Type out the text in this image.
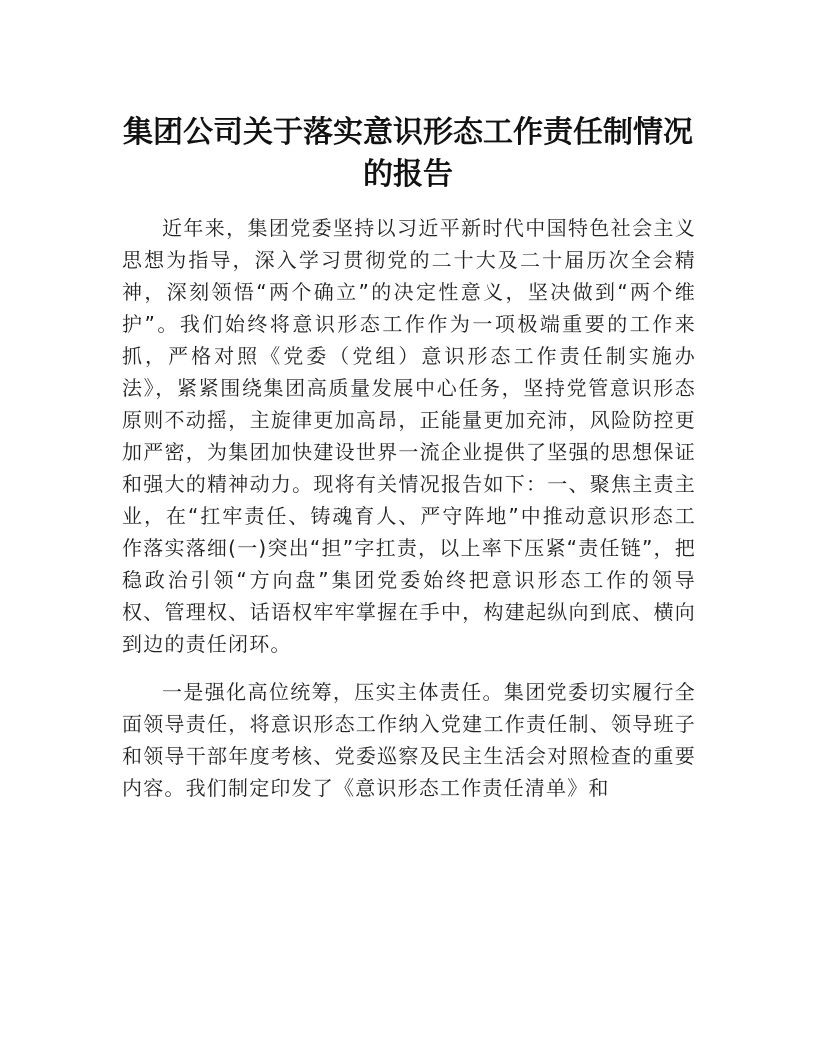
集团公司关于落实意识形态工作责任制情况
的报告

近年来，集团党委坚持以习近平新时代中国特色社会主义思想为指导，深入学习贯彻党的二十大及二十届历次全会精神，深刻领悟“两个确立”的决定性意义，坚决做到“两个维护”。我们始终将意识形态工作作为一项极端重要的工作来抓，严格对照《党委（党组）意识形态工作责任制实施办法》，紧紧围绕集团高质量发展中心任务，坚持党管意识形态原则不动摇，主旋律更加高昂，正能量更加充沛，风险防控更加严密，为集团加快建设世界一流企业提供了坚强的思想保证和强大的精神动力。现将有关情况报告如下：一、聚焦主责主业，在“扛牢责任、铸魂育人、严守阵地”中推动意识形态工作落实落细(一)突出“担”字扛责，以上率下压紧“责任链”，把稳政治引领“方向盘”集团党委始终把意识形态工作的领导权、管理权、话语权牢牢掌握在手中，构建起纵向到底、横向到边的责任闭环。

一是强化高位统筹，压实主体责任。集团党委切实履行全面领导责任，将意识形态工作纳入党建工作责任制、领导班子和领导干部年度考核、党委巡察及民主生活会对照检查的重要内容。我们制定印发了《意识形态工作责任清单》和
